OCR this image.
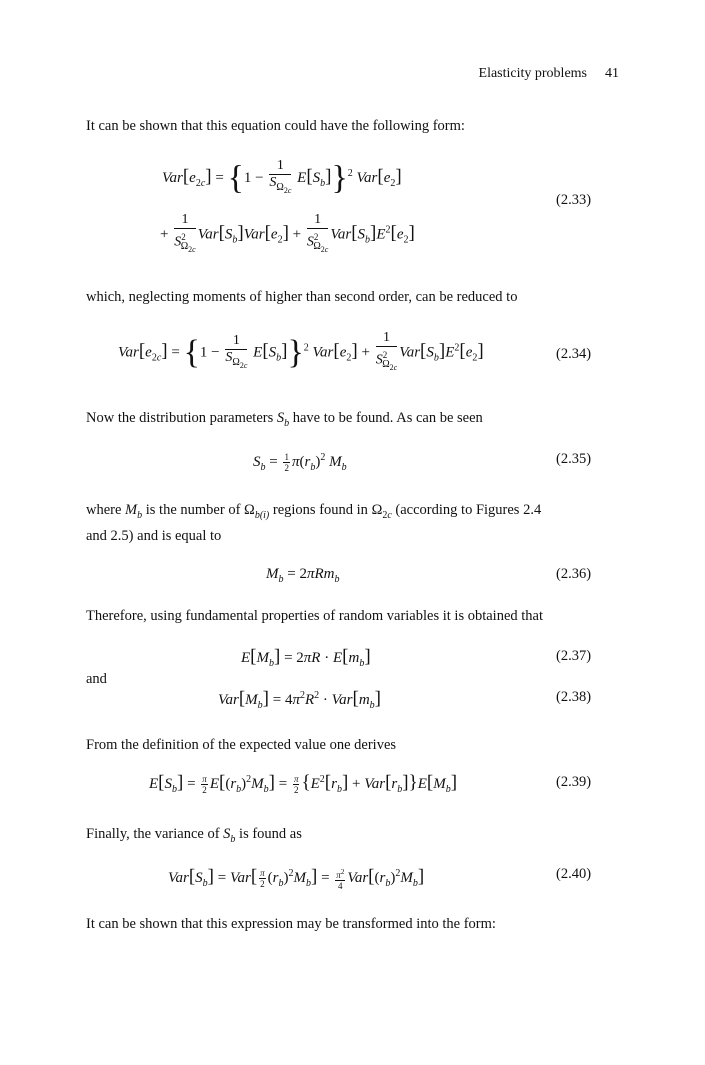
Elasticity problems 41
It can be shown that this equation could have the following form:
$Var[e_{2c}] = \{1 - \frac{1}{S_{\Omega_{2c}}} E[S_b]\}^2$ $Var[e_2]$
+ $\frac{1}{S^2_{\Omega_{2c}}} Var[S_b]Var[e_2] + \frac{1}{S^2_{\Omega_{2c}}} Var[S_b]E^2[e_2]$
(2.33)
which, neglecting moments of higher than second order, can be reduced to
$Var[e_{2c}] = \{1 - \frac{1}{S_{\Omega_{2c}}} E[S_b]\}^2$ $Var[e_2] + \frac{1}{S^2_{\Omega_{2c}}} Var[S_b]E^2[e_2]$	(2.34)
Now the distribution parameters $S_b$ have to be found. As can be seen
$S_b = \frac{1}{2} \pi(r_b)^2$ $M_b$
(2.35)
where $M_b$ is the number of $\Omega_{b(i)}$ regions found in $\Omega_{2c}$ (according to Figures 2.4
and 2.5) and is equal to
$M_b = 2\pi Rm_b$	(2.36)
Therefore, using fundamental properties of random variables it is obtained that
$E[M_b] = 2\pi R \cdot E[m_b]$	(2.37)
and
$Var[M_b] = 4\pi^2R^2 \cdot Var[m_b]$	(2.38)
From the definition of the expected value one derives
$E[S_b] = \frac{\pi}{2} E[(r_b)^2M_b] = \frac{\pi}{2} \{E^2[r_b] + Var[r_b]\}E[M_b]$	(2.39)
Finally, the variance of $S_b$ is found as
$Var[S_b] = Var[ \frac{\pi}{2} (r_b)^2M_b] = \frac{\pi^2}{4} Var[(r_b)^2M_b]$	(2.40)
It can be shown that this expression may be transformed into the form:
